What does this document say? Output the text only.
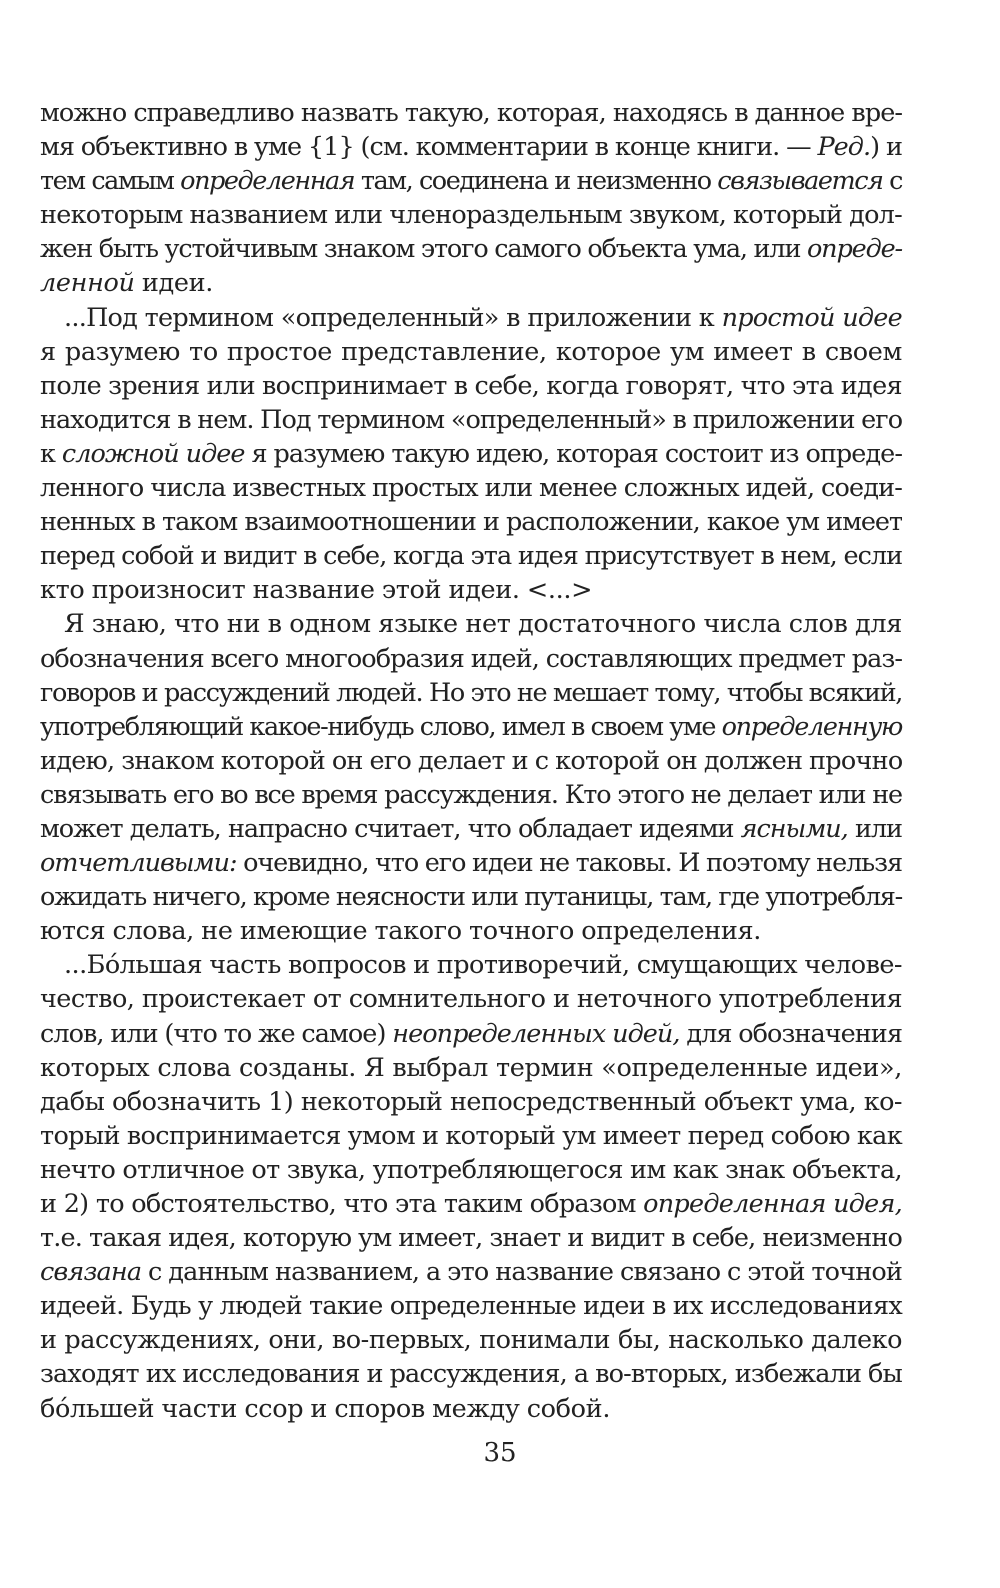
можно справедливо назвать такую, которая, находясь в данное вре-
мя объективно в уме {1} (см. комментарии в конце книги. — Ред.) и
тем самым определенная там, соединена и неизменно связывается с
некоторым названием или членораздельным звуком, который дол-
жен быть устойчивым знаком этого самого объекта ума, или опреде-
ленной идеи.

...Под термином «определенный» в приложении к простой идее
я разумею то простое представление, которое ум имеет в своем
поле зрения или воспринимает в себе, когда говорят, что эта идея
находится в нем. Под термином «определенный» в приложении его
к сложной идее я разумею такую идею, которая состоит из опреде-
ленного числа известных простых или менее сложных идей, соеди-
ненных в таком взаимоотношении и расположении, какое ум имеет
перед собой и видит в себе, когда эта идея присутствует в нем, если
кто произносит название этой идеи. <...>

Я знаю, что ни в одном языке нет достаточного числа слов для
обозначения всего многообразия идей, составляющих предмет раз-
говоров и рассуждений людей. Но это не мешает тому, чтобы всякий,
употребляющий какое-нибудь слово, имел в своем уме определенную
идею, знаком которой он его делает и с которой он должен прочно
связывать его во все время рассуждения. Кто этого не делает или не
может делать, напрасно считает, что обладает идеями ясными, или
отчетливыми: очевидно, что его идеи не таковы. И поэтому нельзя
ожидать ничего, кроме неясности или путаницы, там, где употребля-
ются слова, не имеющие такого точного определения.

...Бóльшая часть вопросов и противоречий, смущающих челове-
чество, проистекает от сомнительного и неточного употребления
слов, или (что то же самое) неопределенных идей, для обозначения
которых слова созданы. Я выбрал термин «определенные идеи»,
дабы обозначить 1) некоторый непосредственный объект ума, ко-
торый воспринимается умом и который ум имеет перед собою как
нечто отличное от звука, употребляющегося им как знак объекта,
и 2) то обстоятельство, что эта таким образом определенная идея,
т.е. такая идея, которую ум имеет, знает и видит в себе, неизменно
связана с данным названием, а это название связано с этой точной
идеей. Будь у людей такие определенные идеи в их исследованиях
и рассуждениях, они, во-первых, понимали бы, насколько далеко
заходят их исследования и рассуждения, а во-вторых, избежали бы
бóльшей части ссор и споров между собой.

35
